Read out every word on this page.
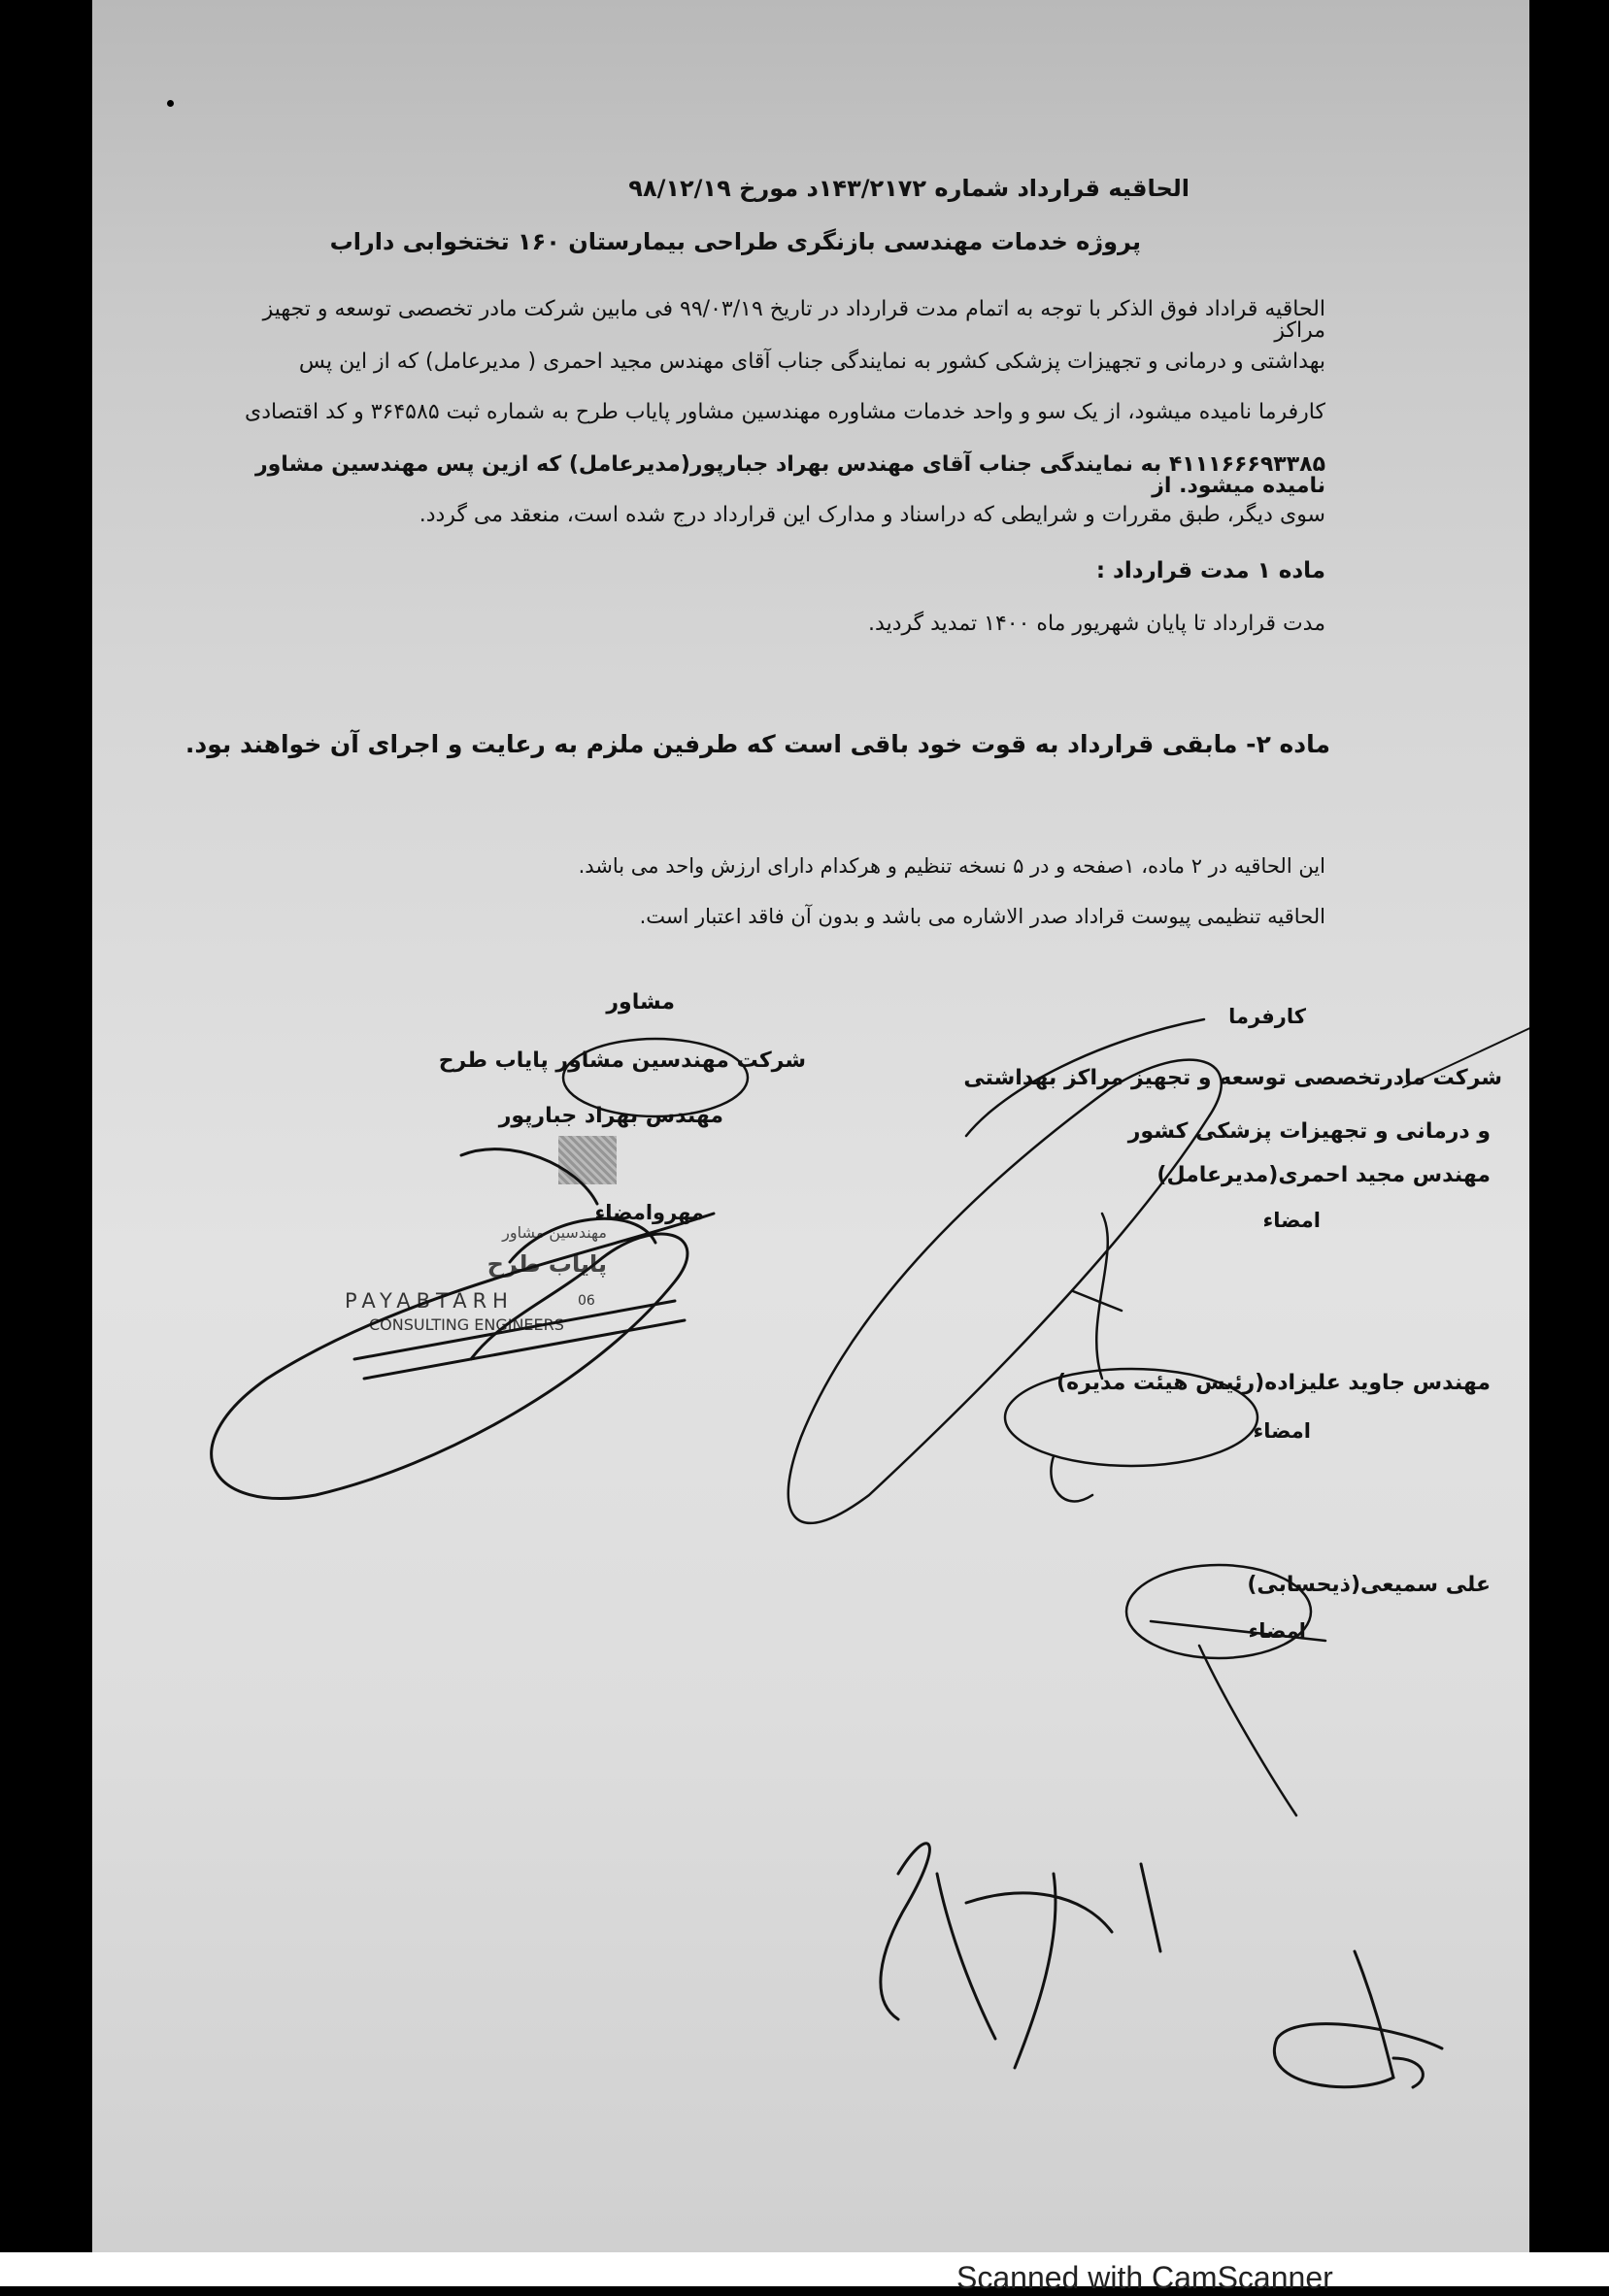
الحاقیه قرارداد شماره ۱۴۳/۲۱۷۲د مورخ ۹۸/۱۲/۱۹
پروژه خدمات مهندسی بازنگری طراحی بیمارستان ۱۶۰ تختخوابی داراب
الحاقیه قراداد فوق الذکر با توجه به اتمام مدت قرارداد در تاریخ ۹۹/۰۳/۱۹ فی مابین شرکت مادر تخصصی توسعه و تجهیز مراکز
بهداشتی و درمانی و تجهیزات پزشکی کشور به نمایندگی جناب آقای مهندس مجید احمری ( مدیرعامل) که از این پس
کارفرما نامیده میشود، از یک سو و واحد خدمات مشاوره مهندسین مشاور پایاب طرح به شماره ثبت ۳۶۴۵۸۵ و کد اقتصادی
۴۱۱۱۶۶۶۹۳۳۸۵ به نمایندگی جناب آقای مهندس بهراد جبارپور(مدیرعامل) که ازین پس مهندسین مشاور نامیده میشود. از
سوی دیگر، طبق مقررات و شرایطی که دراسناد و مدارک این قرارداد درج شده است، منعقد می گردد.
ماده ۱ مدت قرارداد :
مدت قرارداد تا پایان شهریور ماه ۱۴۰۰ تمدید گردید.
ماده ۲- مابقی قرارداد به قوت خود باقی است که طرفین ملزم به رعایت و اجرای آن خواهند بود.
این الحاقیه در ۲ ماده، ۱صفحه و در ۵ نسخه تنظیم و هرکدام دارای ارزش واحد می باشد.
الحاقیه تنظیمی پیوست قراداد صدر الاشاره می باشد و بدون آن فاقد اعتبار است.
مشاور
شرکت مهندسین مشاور پایاب طرح
مهندس بهراد جبارپور
مهروامضاء
کارفرما
شرکت مادرتخصصی توسعه و تجهیز مراکز بهداشتی
و درمانی و تجهیزات پزشکی کشور
مهندس مجید احمری(مدیرعامل)
امضاء
مهندس جاوید علیزاده(رئیس هیئت مدیره)
امضاء
علی سمیعی(ذیحسابی)
امضاء
مهندسین مشاور
پایاب طرح
PAYABTARH	06
CONSULTING ENGINEERS
Scanned with CamScanner
